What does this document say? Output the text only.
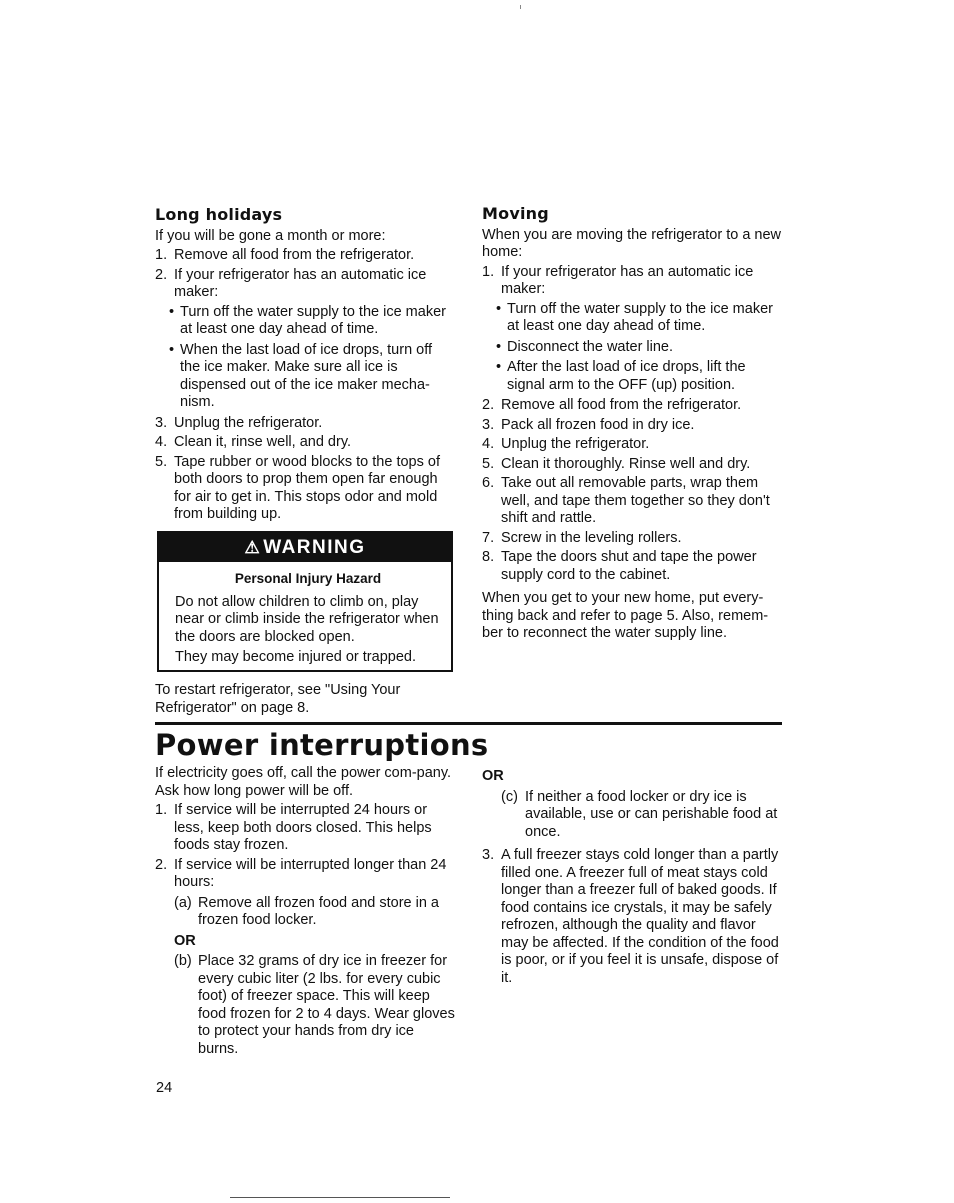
Long holidays

If you will be gone a month or more:

1. Remove all food from the refrigerator.
2. If your refrigerator has an automatic ice maker:
• Turn off the water supply to the ice maker at least one day ahead of time.
• When the last load of ice drops, turn off the ice maker. Make sure all ice is dispensed out of the ice maker mecha-nism.
3. Unplug the refrigerator.
4. Clean it, rinse well, and dry.
5. Tape rubber or wood blocks to the tops of both doors to prop them open far enough for air to get in. This stops odor and mold from building up.
⚠ WARNING
Personal Injury Hazard

Do not allow children to climb on, play near or climb inside the refrigerator when the doors are blocked open.

They may become injured or trapped.

To restart refrigerator, see "Using Your Refrigerator" on page 8.
Moving

When you are moving the refrigerator to a new home:

1. If your refrigerator has an automatic ice maker:
• Turn off the water supply to the ice maker at least one day ahead of time.
• Disconnect the water line.
• After the last load of ice drops, lift the signal arm to the OFF (up) position.
2. Remove all food from the refrigerator.
3. Pack all frozen food in dry ice.
4. Unplug the refrigerator.
5. Clean it thoroughly. Rinse well and dry.
6. Take out all removable parts, wrap them well, and tape them together so they don't shift and rattle.
7. Screw in the leveling rollers.
8. Tape the doors shut and tape the power supply cord to the cabinet.

When you get to your new home, put every-thing back and refer to page 5. Also, remem-ber to reconnect the water supply line.

Power interruptions

If electricity goes off, call the power com-pany. Ask how long power will be off.

1. If service will be interrupted 24 hours or less, keep both doors closed. This helps foods stay frozen.
2. If service will be interrupted longer than 24 hours:
(a) Remove all frozen food and store in a frozen food locker.
OR
(b) Place 32 grams of dry ice in freezer for every cubic liter (2 lbs. for every cubic foot) of freezer space. This will keep food frozen for 2 to 4 days. Wear gloves to protect your hands from dry ice burns.
OR
(c) If neither a food locker or dry ice is available, use or can perishable food at once.
3. A full freezer stays cold longer than a partly filled one. A freezer full of meat stays cold longer than a freezer full of baked goods. If food contains ice crystals, it may be safely refrozen, although the quality and flavor may be affected. If the condition of the food is poor, or if you feel it is unsafe, dispose of it.
24
